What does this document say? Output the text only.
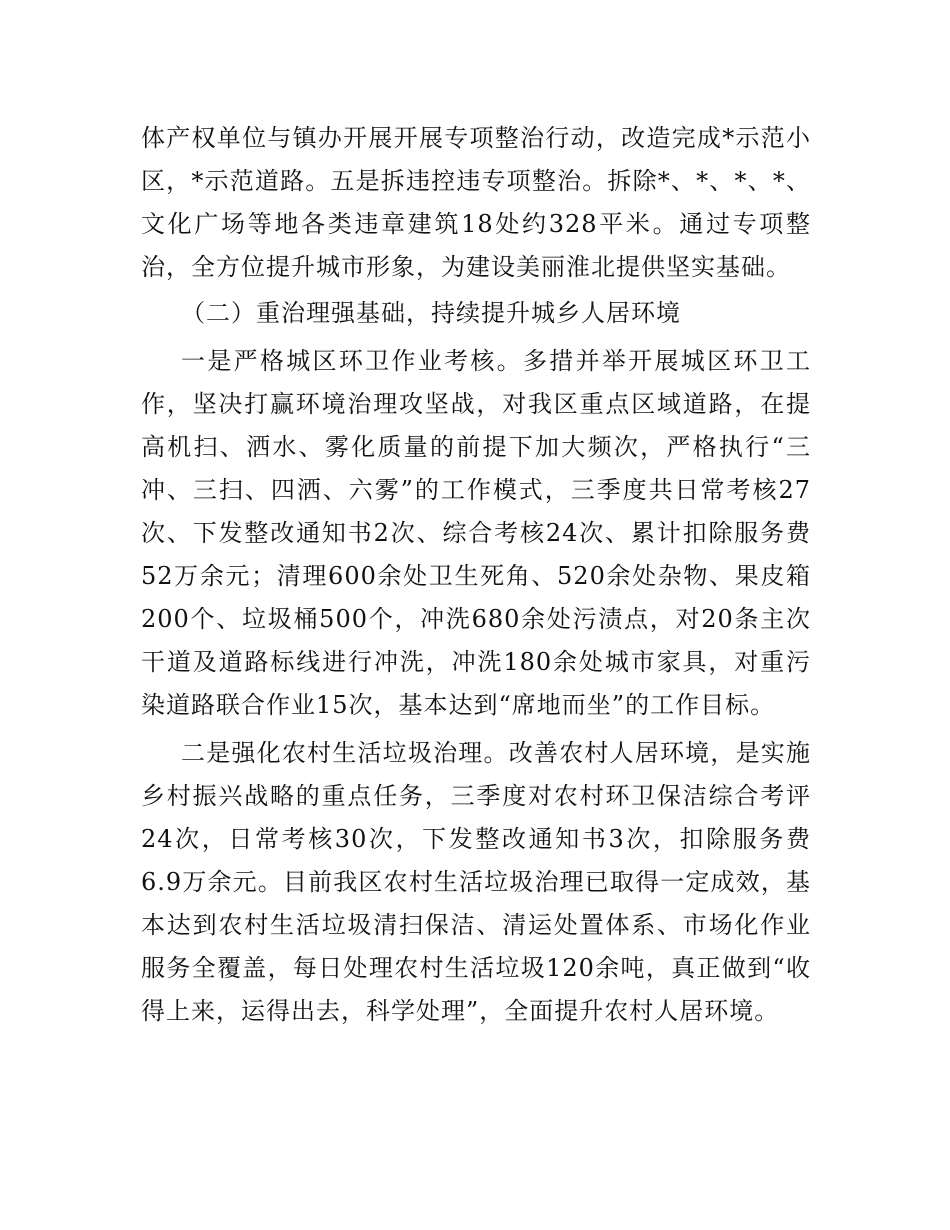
体产权单位与镇办开展开展专项整治行动，改造完成*示范小区，*示范道路。五是拆违控违专项整治。拆除*、*、*、*、文化广场等地各类违章建筑18处约328平米。通过专项整治，全方位提升城市形象，为建设美丽淮北提供坚实基础。

（二）重治理强基础，持续提升城乡人居环境

一是严格城区环卫作业考核。多措并举开展城区环卫工作，坚决打赢环境治理攻坚战，对我区重点区域道路，在提高机扫、洒水、雾化质量的前提下加大频次，严格执行“三冲、三扫、四洒、六雾”的工作模式，三季度共日常考核27次、下发整改通知书2次、综合考核24次、累计扣除服务费52万余元；清理600余处卫生死角、520余处杂物、果皮箱200个、垃圾桶500个，冲洗680余处污渍点，对20条主次干道及道路标线进行冲洗，冲洗180余处城市家具，对重污染道路联合作业15次，基本达到“席地而坐”的工作目标。

二是强化农村生活垃圾治理。改善农村人居环境，是实施乡村振兴战略的重点任务，三季度对农村环卫保洁综合考评24次，日常考核30次，下发整改通知书3次，扣除服务费6.9万余元。目前我区农村生活垃圾治理已取得一定成效，基本达到农村生活垃圾清扫保洁、清运处置体系、市场化作业服务全覆盖，每日处理农村生活垃圾120余吨，真正做到“收得上来，运得出去，科学处理”，全面提升农村人居环境。
